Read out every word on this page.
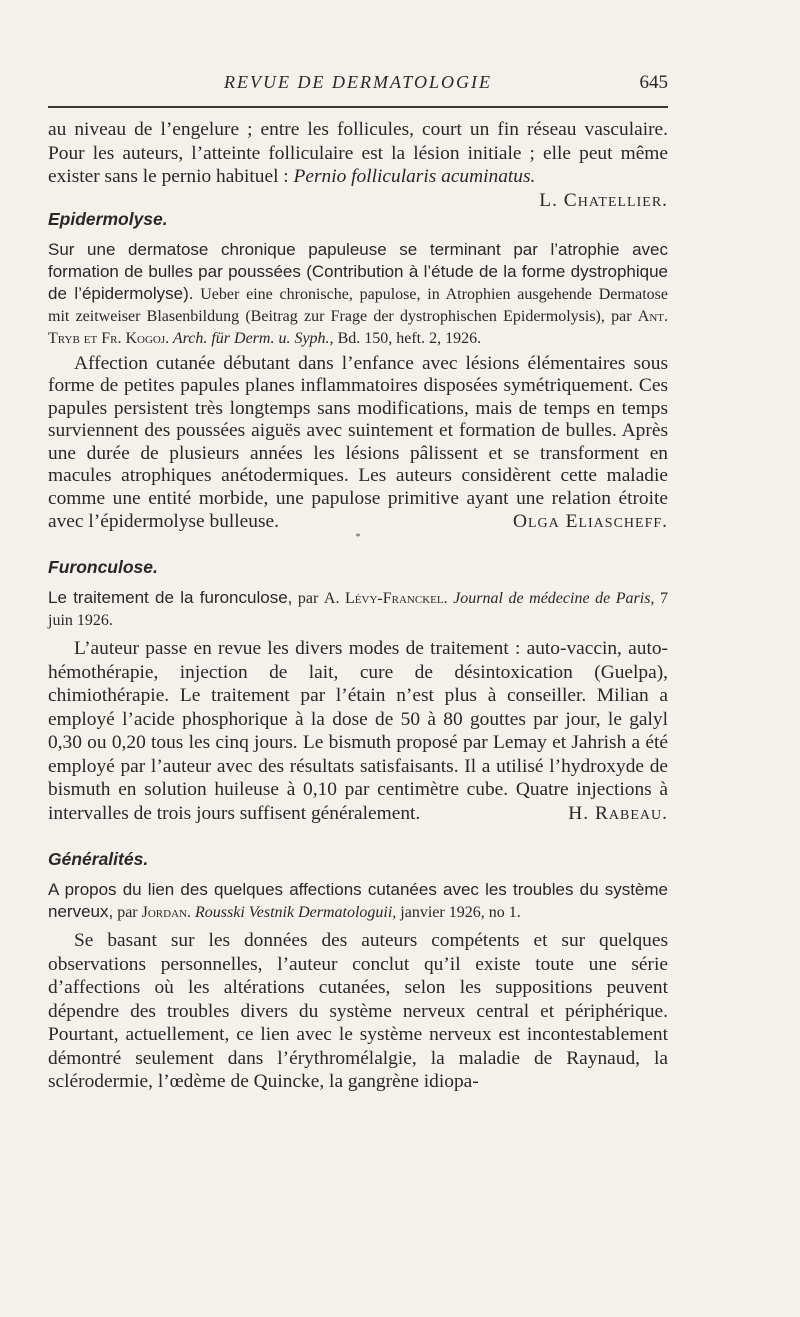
REVUE DE DERMATOLOGIE	645

au niveau de l’engelure ; entre les follicules, court un fin réseau vasculaire. Pour les auteurs, l’atteinte folliculaire est la lésion initiale ; elle peut même exister sans le pernio habituel : Pernio follicularis acuminatus.
L. Chatellier.

Epidermolyse.

Sur une dermatose chronique papuleuse se terminant par l’atrophie avec formation de bulles par poussées (Contribution à l’étude de la forme dystrophique de l’épidermolyse). Ueber eine chronische, papulose, in Atrophien ausgehende Dermatose mit zeitweiser Blasenbildung (Beitrag zur Frage der dystrophischen Epidermolysis), par Ant. Tryb et Fr. Kogoj. Arch. für Derm. u. Syph., Bd. 150, heft. 2, 1926.

Affection cutanée débutant dans l’enfance avec lésions élémentaires sous forme de petites papules planes inflammatoires disposées symétriquement. Ces papules persistent très longtemps sans modifications, mais de temps en temps surviennent des poussées aiguës avec suintement et formation de bulles. Après une durée de plusieurs années les lésions pâlissent et se transforment en macules atrophiques anétodermiques. Les auteurs considèrent cette maladie comme une entité morbide, une papulose primitive ayant une relation étroite avec l’épidermolyse bulleuse.	Olga Eliascheff.

*

Furonculose.

Le traitement de la furonculose, par A. Lévy-Franckel. Journal de médecine de Paris, 7 juin 1926.

L’auteur passe en revue les divers modes de traitement : auto-vaccin, auto-hémothérapie, injection de lait, cure de désintoxication (Guelpa), chimiothérapie. Le traitement par l’étain n’est plus à conseiller. Milian a employé l’acide phosphorique à la dose de 50 à 80 gouttes par jour, le galyl 0,30 ou 0,20 tous les cinq jours. Le bismuth proposé par Lemay et Jahrish a été employé par l’auteur avec des résultats satisfaisants. Il a utilisé l’hydroxyde de bismuth en solution huileuse à 0,10 par centimètre cube. Quatre injections à intervalles de trois jours suffisent généralement.	H. Rabeau.

Généralités.

A propos du lien des quelques affections cutanées avec les troubles du système nerveux, par Jordan. Rousski Vestnik Dermatologuii, janvier 1926, no 1.

Se basant sur les données des auteurs compétents et sur quelques observations personnelles, l’auteur conclut qu’il existe toute une série d’affections où les altérations cutanées, selon les suppositions peuvent dépendre des troubles divers du système nerveux central et périphérique. Pourtant, actuellement, ce lien avec le système nerveux est incontestablement démontré seulement dans l’érythromélalgie, la maladie de Raynaud, la sclérodermie, l’œdème de Quincke, la gangrène idiopa-
